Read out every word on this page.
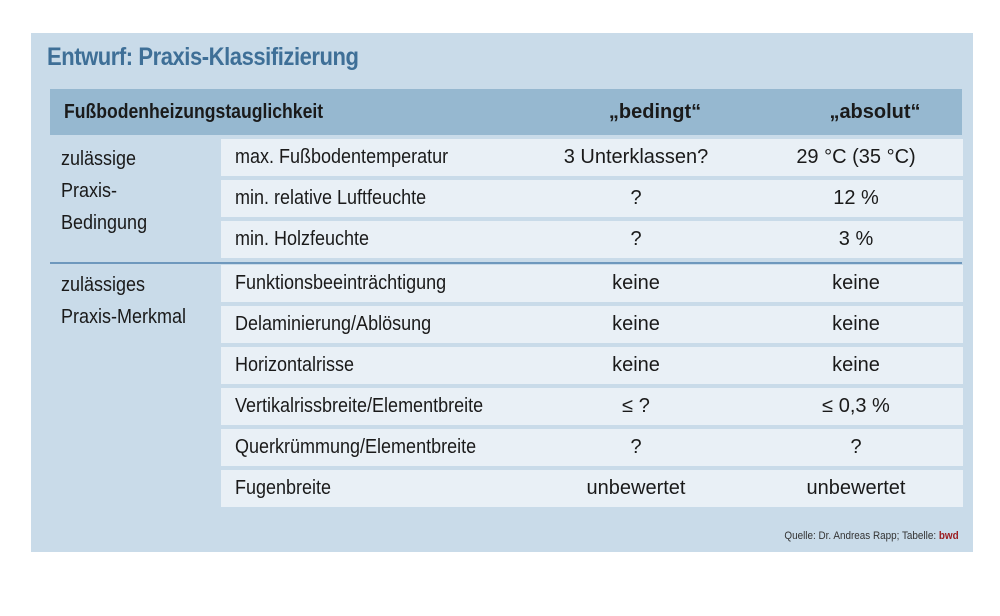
Entwurf: Praxis-Klassifizierung
Fußbodenheizungstauglichkeit	„bedingt“	„absolut“
zulässige
Praxis-
Bedingung
max. Fußbodentemperatur	3 Unterklassen?	29 °C (35 °C)
min. relative Luftfeuchte	?	12 %
min. Holzfeuchte	?	3 %
zulässiges
Praxis-Merkmal
Funktionsbeeinträchtigung	keine	keine
Delaminierung/Ablösung	keine	keine
Horizontalrisse	keine	keine
Vertikalrissbreite/Elementbreite	≤ ?	≤ 0,3 %
Querkrümmung/Elementbreite	?	?
Fugenbreite	unbewertet	unbewertet
Quelle: Dr. Andreas Rapp; Tabelle: bwd
